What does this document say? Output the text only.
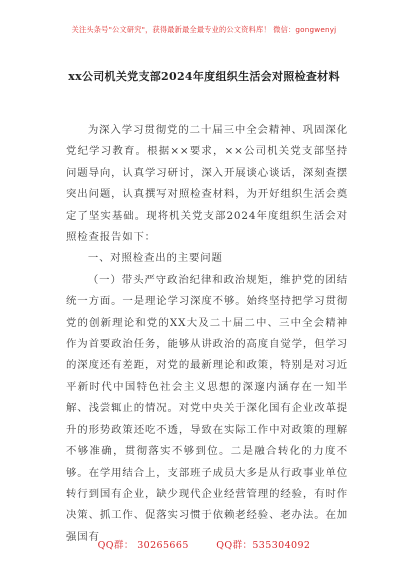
关注头条号"公文研究"，获得最新最全最专业的公文资料库！ 微信：gongwenyj
xx公司机关党支部2024年度组织生活会对照检查材料

为深入学习贯彻党的二十届三中全会精神、巩固深化党纪学习教育。根据××要求，××公司机关党支部坚持问题导向，认真学习研讨，深入开展谈心谈话，深刻查摆突出问题，认真撰写对照检查材料，为开好组织生活会奠定了坚实基础。现将机关党支部2024年度组织生活会对照检查报告如下：

一、对照检查出的主要问题

（一）带头严守政治纪律和政治规矩，维护党的团结统一方面。一是理论学习深度不够。始终坚持把学习贯彻党的创新理论和党的XX大及二十届二中、三中全会精神作为首要政治任务，能够从讲政治的高度自觉学，但学习的深度还有差距，对党的最新理论和政策，特别是对习近平新时代中国特色社会主义思想的深邃内涵存在一知半解、浅尝辄止的情况。对党中央关于深化国有企业改革提升的形势政策还吃不透，导致在实际工作中对政策的理解不够准确，贯彻落实不够到位。二是融合转化的力度不够。在学用结合上，支部班子成员大多是从行政事业单位转行到国有企业，缺少现代企业经营管理的经验，有时作决策、抓工作、促落实习惯于依赖老经验、老办法。在加强国有

QQ群： 30265665	QQ群：535304092
